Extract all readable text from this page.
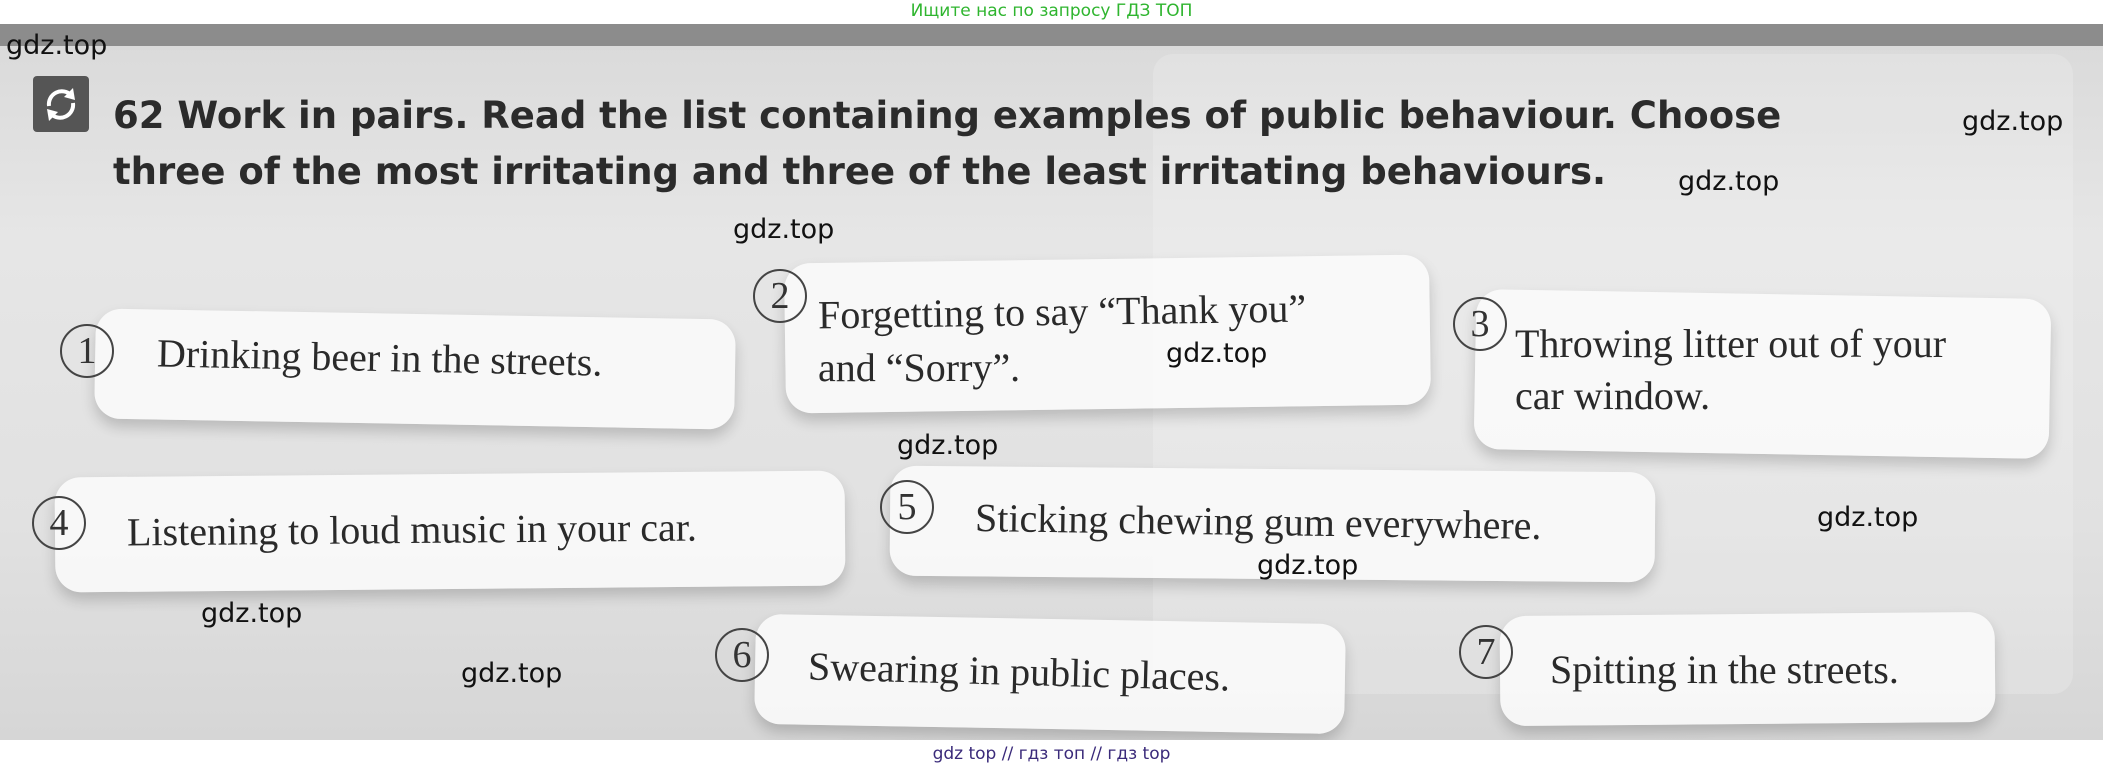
Ищите нас по запросу ГДЗ ТОП

62 Work in pairs. Read the list containing examples of public behaviour. Choose three of the most irritating and three of the least irritating behaviours.

1	Drinking beer in the streets.
2 Forgetting to say “Thank you”
and “Sorry”.
3 Throwing litter out of your
car window.
4	Listening to loud music in your car.	5	Sticking chewing gum everywhere.
6	Swearing in public places.	7	Spitting in the streets.
gdz.top
gdz.top
gdz.top
gdz.top
gdz.top
gdz.top
gdz.top
gdz.top
gdz.top
gdz.top
gdz top // гдз топ // гдз top
